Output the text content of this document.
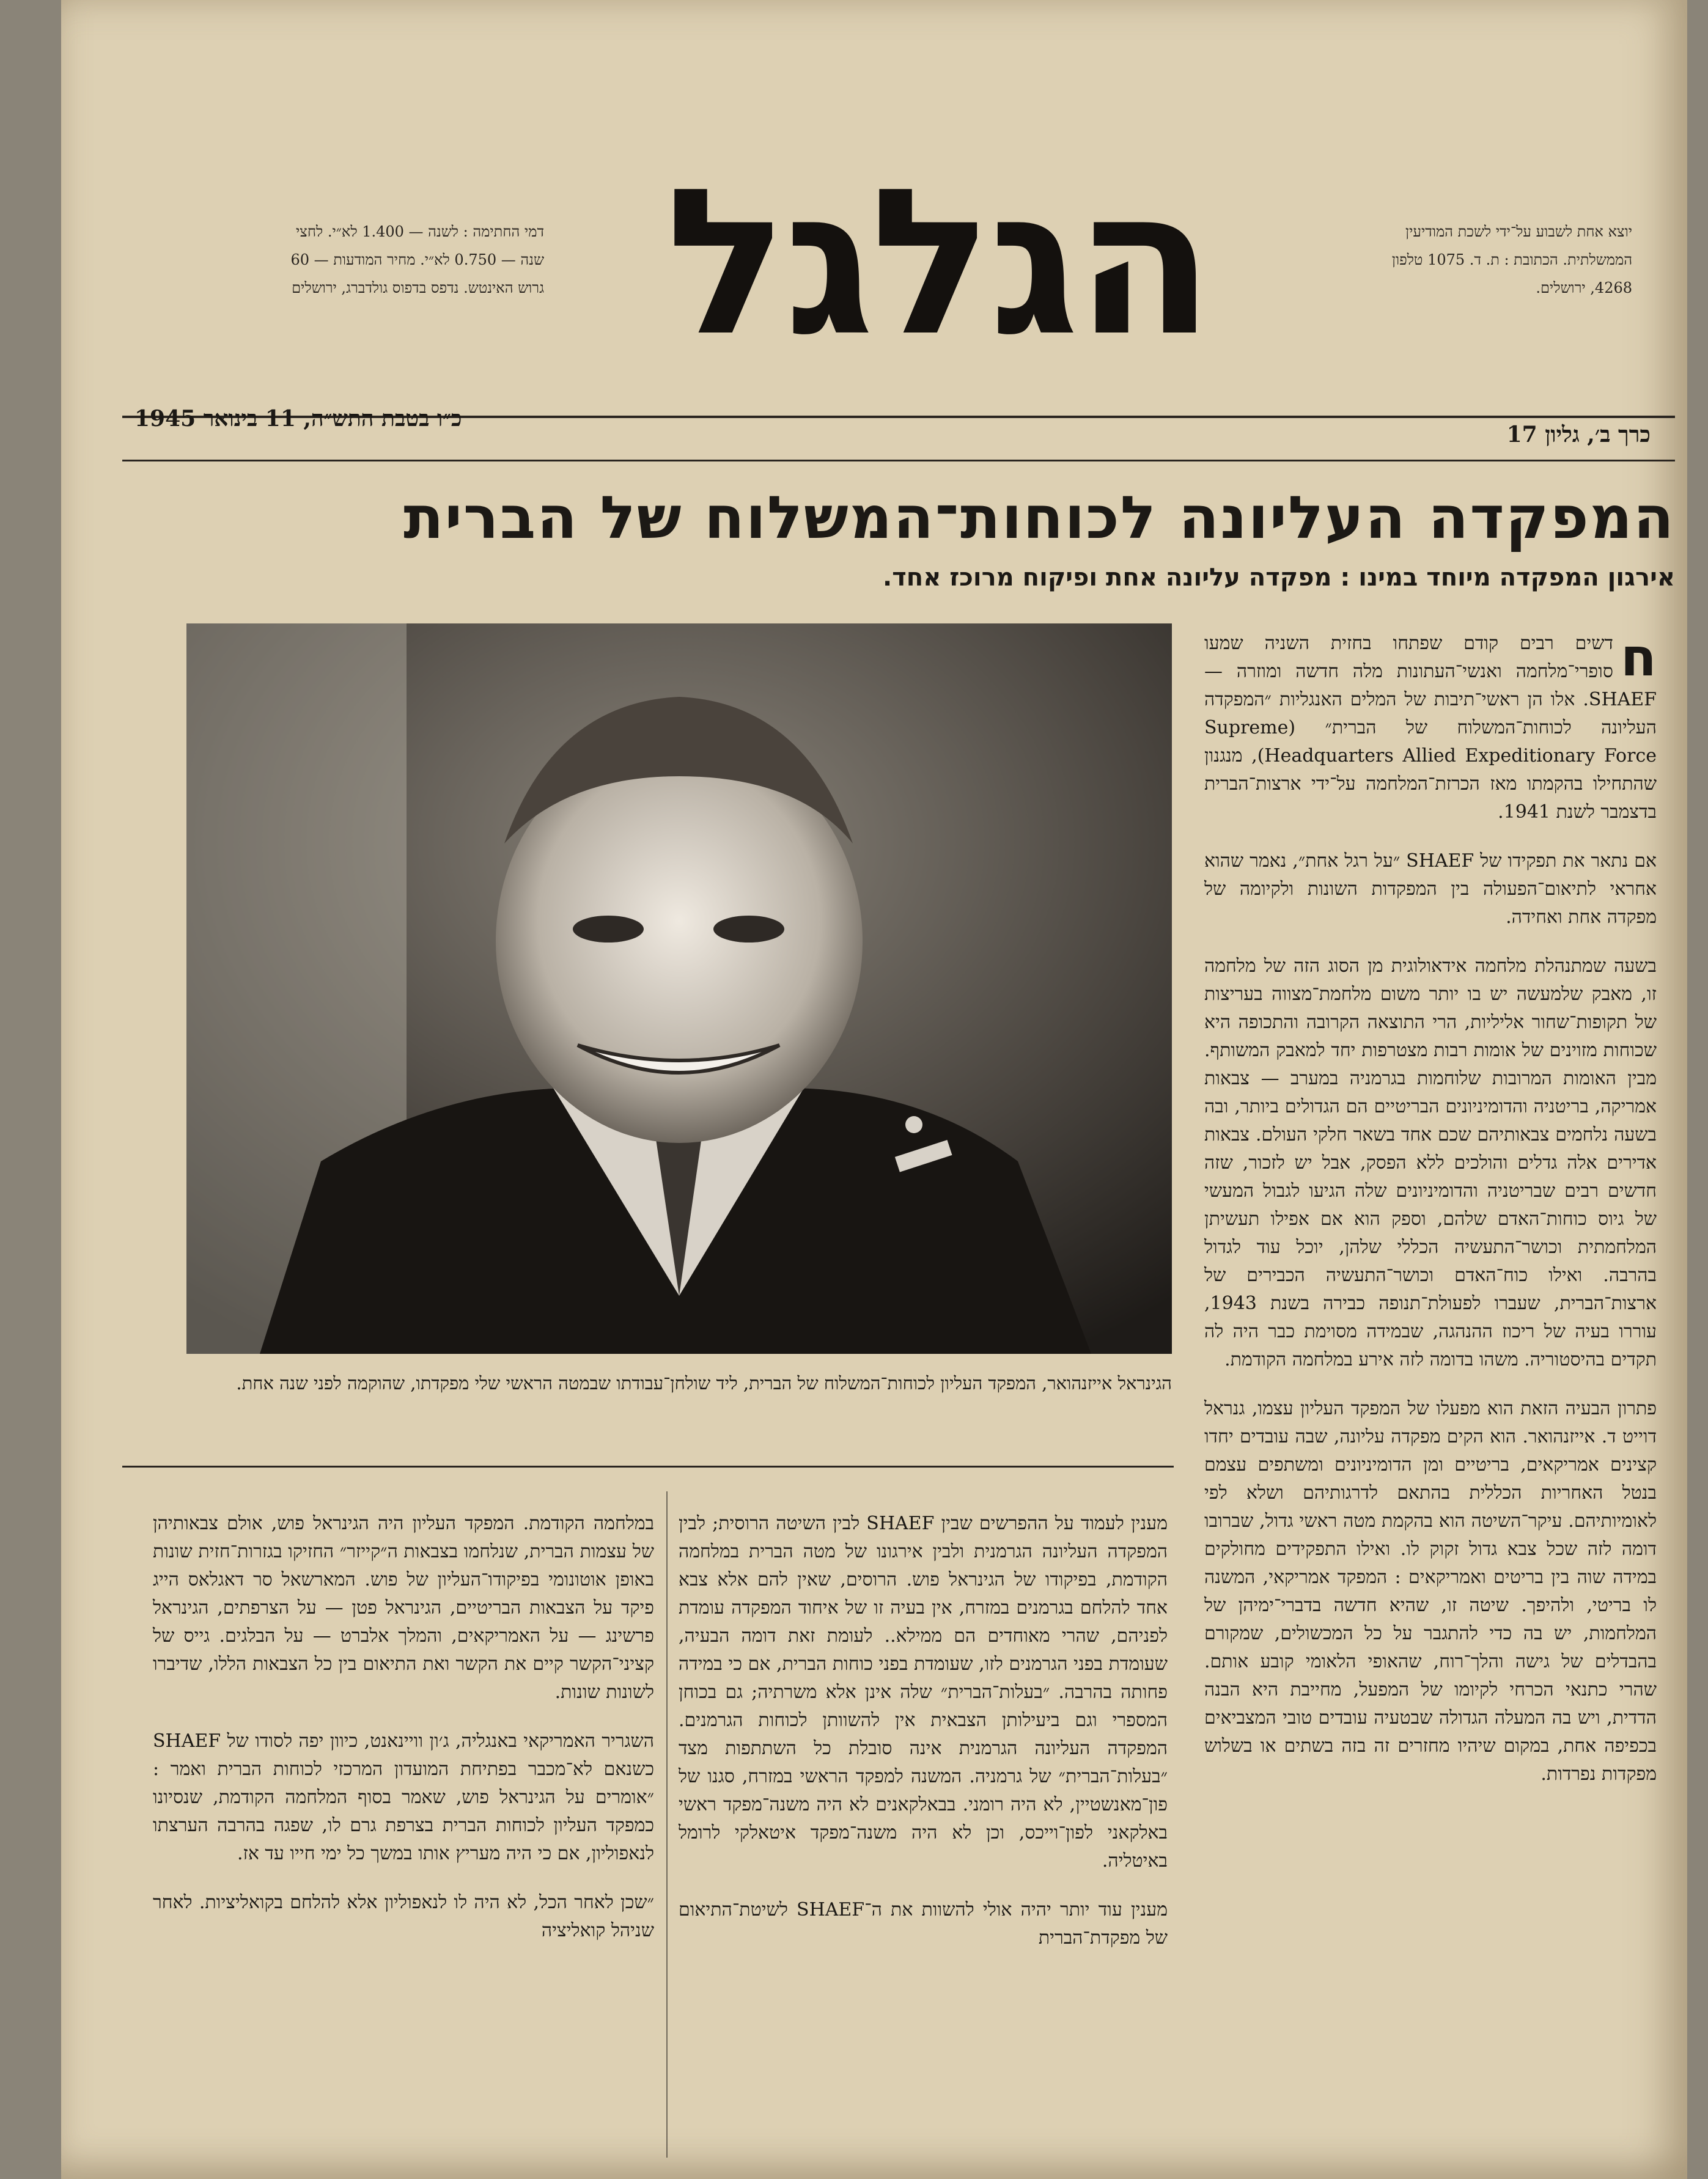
יוצא אחת לשבוע על־ידי לשכת המודיעין
הממשלתית. הכתובת : ת. ד. 1075 טלפון
4268, ירושלים.
הגלגל
דמי החתימה : לשנה — 1.400 לא״י. לחצי
שנה — 0.750 לא״י. מחיר המודעות — 60
גרוש האינטש. נדפס בדפוס גולדברג, ירושלים
כרך ב׳, גליון 17
כ״ו בטבת התש״ה, 11 בינואר 1945
המפקדה העליונה לכוחות־המשלוח של הברית
אירגון המפקדה מיוחד במינו : מפקדה עליונה אחת ופיקוח מרוכז אחד.
הגינראל אייזנהואר, המפקד העליון לכוחות־המשלוח של הברית, ליד שולחן־עבודתו שבמטה הראשי שלי מפקדתו, שהוקמה לפני שנה אחת.
ח

דשים רבים קודם שפתחו בחזית השניה שמעו סופרי־מלחמה ואנשי־העתונות מלה חדשה ומוזרה — SHAEF. אלו הן ראשי־תיבות של המלים האנגליות ״המפקדה העליונה לכוחות־המשלוח של הברית״ (Supreme Headquarters Allied Expeditionary Force), מנגנון שהתחילו בהקמתו מאז הכרזת־המלחמה על־ידי ארצות־הברית בדצמבר לשנת 1941.

אם נתאר את תפקידו של SHAEF ״על רגל אחת״, נאמר שהוא אחראי לתיאום־הפעולה בין המפקדות השונות ולקיומה של מפקדה אחת ואחידה.

בשעה שמתנהלת מלחמה אידאולוגית מן הסוג הזה של מלחמה זו, מאבק שלמעשה יש בו יותר משום מלחמת־מצווה בעריצות של תקופות־שחור אליליות, הרי התוצאה הקרובה והתכופה היא שכוחות מזוינים של אומות רבות מצטרפות יחד למאבק המשותף. מבין האומות המרובות שלוחמות בגרמניה במערב — צבאות אמריקה, בריטניה והדומיניונים הבריטיים הם הגדולים ביותר, ובה בשעה נלחמים צבאותיהם שכם אחד בשאר חלקי העולם. צבאות אדירים אלה גדלים והולכים ללא הפסק, אבל יש לזכור, שזה חדשים רבים שבריטניה והדומיניונים שלה הגיעו לגבול המעשי של גיוס כוחות־האדם שלהם, וספק הוא אם אפילו תעשיתן המלחמתית וכושר־התעשיה הכללי שלהן, יוכל עוד לגדול בהרבה. ואילו כוח־האדם וכושר־התעשיה הכבירים של ארצות־הברית, שעברו לפעולת־תנופה כבירה בשנת 1943, עוררו בעיה של ריכוז ההנהגה, שבמידה מסוימת כבר היה לה תקדים בהיסטוריה. משהו בדומה לזה אירע במלחמה הקודמת.

פתרון הבעיה הזאת הוא מפעלו של המפקד העליון עצמו, גנראל דוייט ד. אייזנהואר. הוא הקים מפקדה עליונה, שבה עובדים יחדו קצינים אמריקאים, בריטיים ומן הדומיניונים ומשתפים עצמם בנטל האחריות הכללית בהתאם לדרגותיהם ושלא לפי לאומיותיהם. עיקר־השיטה הוא בהקמת מטה ראשי גדול, שברובו דומה לזה שכל צבא גדול זקוק לו. ואילו התפקידים מחולקים במידה שוה בין בריטים ואמריקאים : המפקד אמריקאי, המשנה לו בריטי, ולהיפך. שיטה זו, שהיא חדשה בדברי־ימיהן של המלחמות, יש בה כדי להתגבר על כל המכשולים, שמקורם בהבדלים של גישה והלך־רוח, שהאופי הלאומי קובע אותם. שהרי כתנאי הכרחי לקיומו של המפעל, מחייבת היא הבנה הדדית, ויש בה המעלה הגדולה שבטעיה עובדים טובי המצביאים בכפיפה אחת, במקום שיהיו מחזרים זה בזה בשתים או בשלוש מפקדות נפרדות.

מענין לעמוד על ההפרשים שבין SHAEF לבין השיטה הרוסית; לבין המפקדה העליונה הגרמנית ולבין אירגונו של מטה הברית במלחמה הקודמת, בפיקודו של הגינראל פוש. הרוסים, שאין להם אלא צבא אחד להלחם בגרמנים במזרח, אין בעיה זו של איחוד המפקדה עומדת לפניהם, שהרי מאוחדים הם ממילא.. לעומת זאת דומה הבעיה, שעומדת בפני הגרמנים לזו, שעומדת בפני כוחות הברית, אם כי במידה פחותה בהרבה. ״בעלות־הברית״ שלה אינן אלא משרתיה; גם בכוחן המספרי וגם ביעילותן הצבאית אין להשוותן לכוחות הגרמנים. המפקדה העליונה הגרמנית אינה סובלת כל השתתפות מצד ״בעלות־הברית״ של גרמניה. המשנה למפקד הראשי במזרח, סגנו של פון־מאנשטיין, לא היה רומני. בבאלקאנים לא היה משנה־מפקד ראשי באלקאני לפון־וייכס, וכן לא היה משנה־מפקד איטאלקי לרומל באיטליה.

מענין עוד יותר יהיה אולי להשוות את ה־SHAEF לשיטת־התיאום של מפקדת־הברית

במלחמה הקודמת. המפקד העליון היה הגינראל פוש, אולם צבאותיהן של עצמות הברית, שנלחמו בצבאות ה״קייזר״ החזיקו בגזרות־חזית שונות באופן אוטונומי בפיקודו־העליון של פוש. המארשאל סר דאגלאס הייג פיקד על הצבאות הבריטיים, הגינראל פטן — על הצרפתים, הגינראל פרשינג — על האמריקאים, והמלך אלברט — על הבלגים. גייס של קציני־הקשר קיים את הקשר ואת התיאום בין כל הצבאות הללו, שדיברו לשונות שונות.

השגריר האמריקאי באנגליה, ג׳ון וויינאנט, כיוון יפה לסודו של SHAEF כשנאם לא־מכבר בפתיחת המועדון המרכזי לכוחות הברית ואמר : ״אומרים על הגינראל פוש, שאמר בסוף המלחמה הקודמת, שנסיונו כמפקד העליון לכוחות הברית בצרפת גרם לו, שפגה בהרבה הערצתו לנאפוליון, אם כי היה מעריץ אותו במשך כל ימי חייו עד אז.

״שכן לאחר הכל, לא היה לו לנאפוליון אלא להלחם בקואליציות. לאחר שניהל קואליציה
